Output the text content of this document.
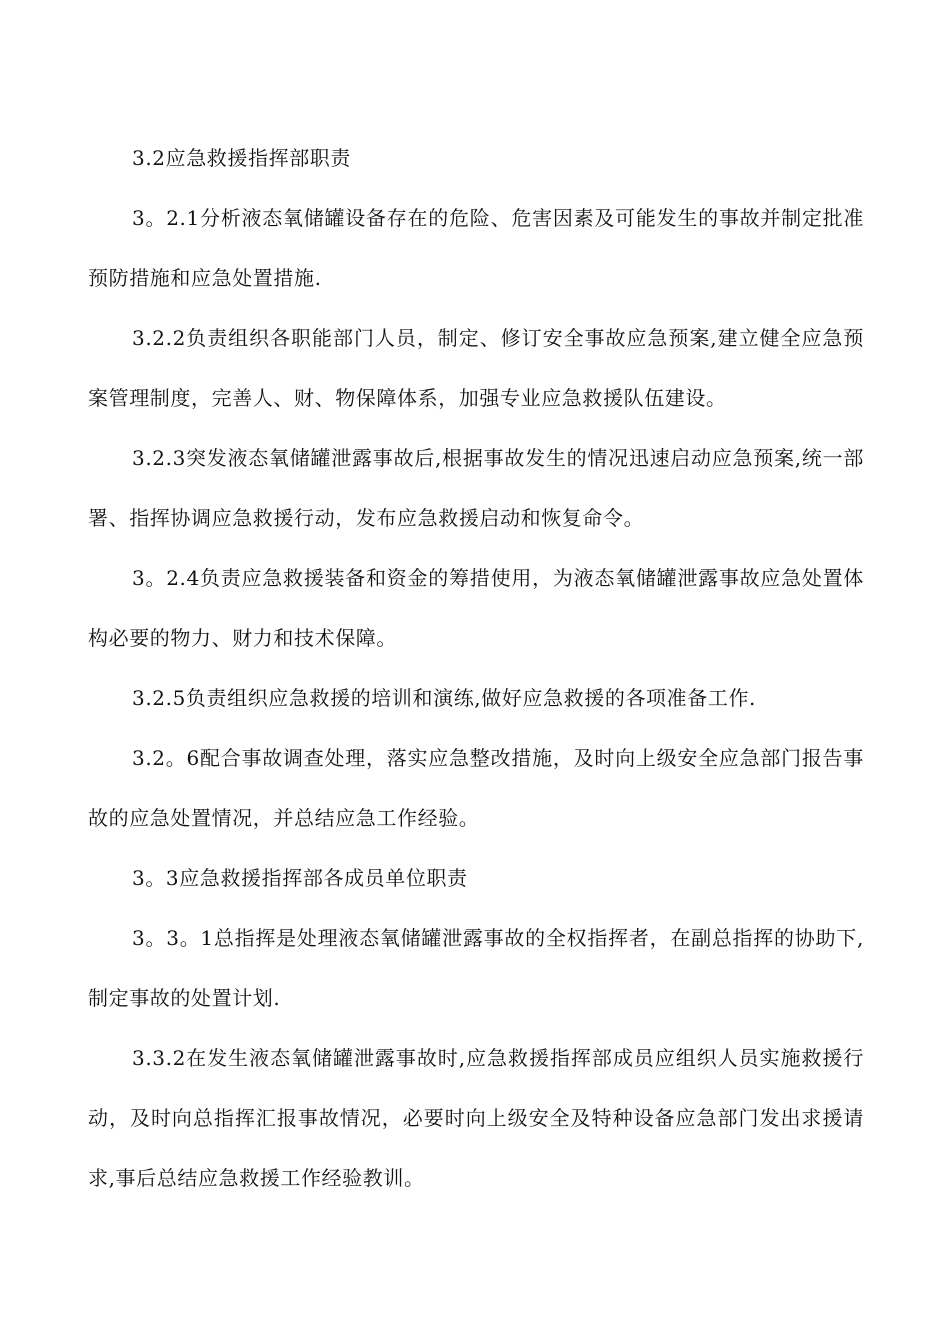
3.2应急救援指挥部职责
3。2.1分析液态氧储罐设备存在的危险、危害因素及可能发生的事故并制定批准预防措施和应急处置措施.
3.2.2负责组织各职能部门人员，制定、修订安全事故应急预案,建立健全应急预案管理制度，完善人、财、物保障体系，加强专业应急救援队伍建设。
3.2.3突发液态氧储罐泄露事故后,根据事故发生的情况迅速启动应急预案,统一部署、指挥协调应急救援行动，发布应急救援启动和恢复命令。
3。2.4负责应急救援装备和资金的筹措使用，为液态氧储罐泄露事故应急处置体构必要的物力、财力和技术保障。
3.2.5负责组织应急救援的培训和演练,做好应急救援的各项准备工作.
3.2。6配合事故调查处理，落实应急整改措施，及时向上级安全应急部门报告事故的应急处置情况，并总结应急工作经验。
3。3应急救援指挥部各成员单位职责
3。3。1总指挥是处理液态氧储罐泄露事故的全权指挥者，在副总指挥的协助下,制定事故的处置计划.
3.3.2在发生液态氧储罐泄露事故时,应急救援指挥部成员应组织人员实施救援行动，及时向总指挥汇报事故情况，必要时向上级安全及特种设备应急部门发出求援请求,事后总结应急救援工作经验教训。
